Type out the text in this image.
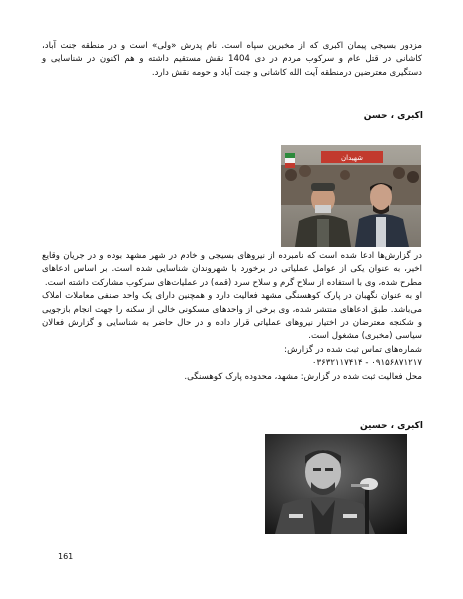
مزدور بسیجی پیمان اکبری که از مخبرین سپاه است. نام پدرش «ولی» است و در منطقه جنت آباد، کاشانی در قتل عام و سرکوب مردم در دی 1404 نقش مستقیم داشته و هم اکنون در شناسایی و دستگیری معترضین درمنطقه آیت الله کاشانی و جنت آباد و حومه نقش دارد.

اکبری ، حسن

شهیدان
در گزارش‌ها ادعا شده است که نامبرده از نیروهای بسیجی و خادم در شهر مشهد بوده و در جریان وقایع اخیر، به عنوان یکی از عوامل عملیاتی در برخورد با شهروندان شناسایی شده است. بر اساس ادعاهای مطرح شده، وی با استفاده از سلاح گرم و سلاح سرد (قمه) در عملیات‌های سرکوب مشارکت داشته است.
او به عنوان نگهبان در پارک کوهسنگی مشهد فعالیت دارد و همچنین دارای یک واحد صنفی معاملات املاک می‌باشد. طبق ادعاهای منتشر شده، وی برخی از واحدهای مسکونی خالی از سکنه را جهت انجام بازجویی و شکنجه معترضان در اختیار نیروهای عملیاتی قرار داده و در حال حاضر به شناسایی و گزارش فعالان سیاسی (مخبری) مشغول است.
شماره‌های تماس ثبت شده در گزارش:
۰۹۱۵۶۸۷۱۲۱۷ - ۰۳۶۳۲۱۱۷۴۱۴
محل فعالیت ثبت شده در گزارش: مشهد، محدوده پارک کوهسنگی.

اکبری ، حسین

161
